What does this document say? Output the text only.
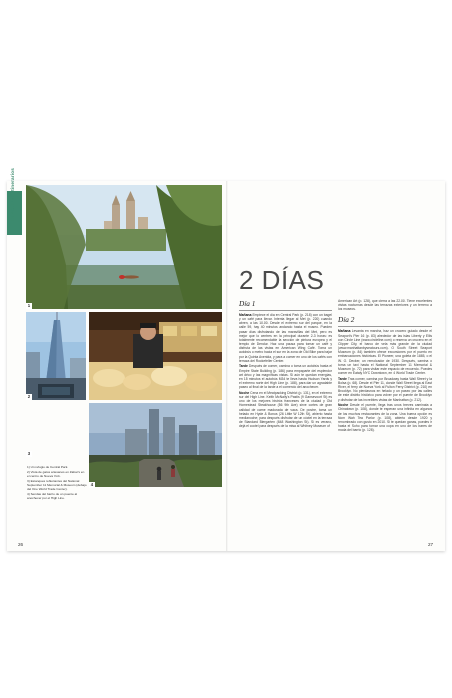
DESCUBRE Itinerarios
1
2
3
4
1) Un refugio de Central Park.
2) Vista de gatos artesanos en Zabar's en el centro de Nueva York.
3) Estanques reflectantes del National September 11 Memorial & Museum (debajo del One World Trade Center).
4) Sendas del barrio de un puente al anochecer por el High Line.
26	27
2 DÍAS
Día 1

Mañana Empiece el día en Central Park (p. 218) con un bagel y un café para llevar. Intenta llegar al Met (p. 220) cuando abren, a las 10.00. Desde el extremo sur del parque, en la calle 59, hay 40 minutos andando hasta el museo. Pueden pasar días disfrutando de las maravillas del Met, pero es mejor que lo centres en la principal durante 2-3 horas: es totalmente recomendable la sección de pintura europea y el templo de Dendur. Haz una pausa para tomar un café y disfruta de las vistas en American Wing Café. Toma un autobús o metro hacia el sur en la zona de Old Bike para bajar por la Quinta Avenida, y para a comer en uno de los cafés con terraza del Rockefeller Center.

Tarde Después de comer, camina o toma un autobús hasta el Empire State Building (p. 186) para empaparte del esplendor art déco y las magníficas vistas. Si aún te quedan energías, en 15 minutos el autobús M34 te lleva hasta Hudson Yards y el extremo norte del High Line (p. 188), para dar un agradable paseo al final de la tarde a el comercio del anochecer.

Noche Cena en el Meatpacking District (p. 131), en el extremo sur del High Line. Keith McNally's Pastis (9 Gansevoort St) es uno de los mejores bistrós franceses de la ciudad y Old Homestead Steakhouse (56 9th Ave) sirve cortes de gran calidad de carne madurada de vaca. De postre, toma un helado en Hyde & Bonus (26 Little W 12th St), abierto hasta medianoche; para después disfrutar de un cóctel en la terraza de Standard Biergarten (848 Washington St). Si es verano, dejá el coctel para después de la misa al Whitney Museum of

American Art (p. 128), que cierra a las 22.00. Tiene excelentes vistas nocturnas desde las terrazas exteriores y un terreno a los museos.

Día 2

Mañana Levanta en marcha, haz un crucero guiado desde el Seaport's Pier 16 (p. 83) alrededor de las islas Liberty y Ellis con Circle Line (www.circleline.com) o reserva un crucero en el Clipper City, el barco de vela más grande de la ciudad (www.manhattanbyseatours.com). O South Street Seaport Museum (p. 84) también ofrece excursiones por el puerto en embarcaciones históricas. El Pioneer, una goleta de 1885, o el W. O. Decker, un remolcador de 1930. Después, camina o toma un taxi hasta el National September 11 Memorial & Museum (p. 72) para visitar este espacio de recuerdo. Puedes comer en Eataly NYC Downtown, en 4 World Trade Center.

Tarde Tras comer, camina por Broadway hasta Wall Street y la Bolsa (p. 68). Desde el Pier 11, donde Wall Street llega al East River, el ferry de Nueva York al Fulton Ferry District (p. 210) en Brooklyn. No pierdasnos en helado y un paseo por las calles de este distrito histórico para volver por el puente de Brooklyn y disfrutar de las increíbles vistas de Manhattan (p. 212).

Noche Desde el puente, llega tras unos breves caminata a Chinatown (p. 108), donde te esperan una infinita en algunos de los muchos restaurantes de la zona. Una buena opción es Nom Wah Tea Parlor (p. 108), abierto desde 1920 y renombrado con gusto en 2010. Si te quedan ganas, puedes ir hasta el Soho para tomar una copa en uno de los bares de moda del barrio (p. 128).
